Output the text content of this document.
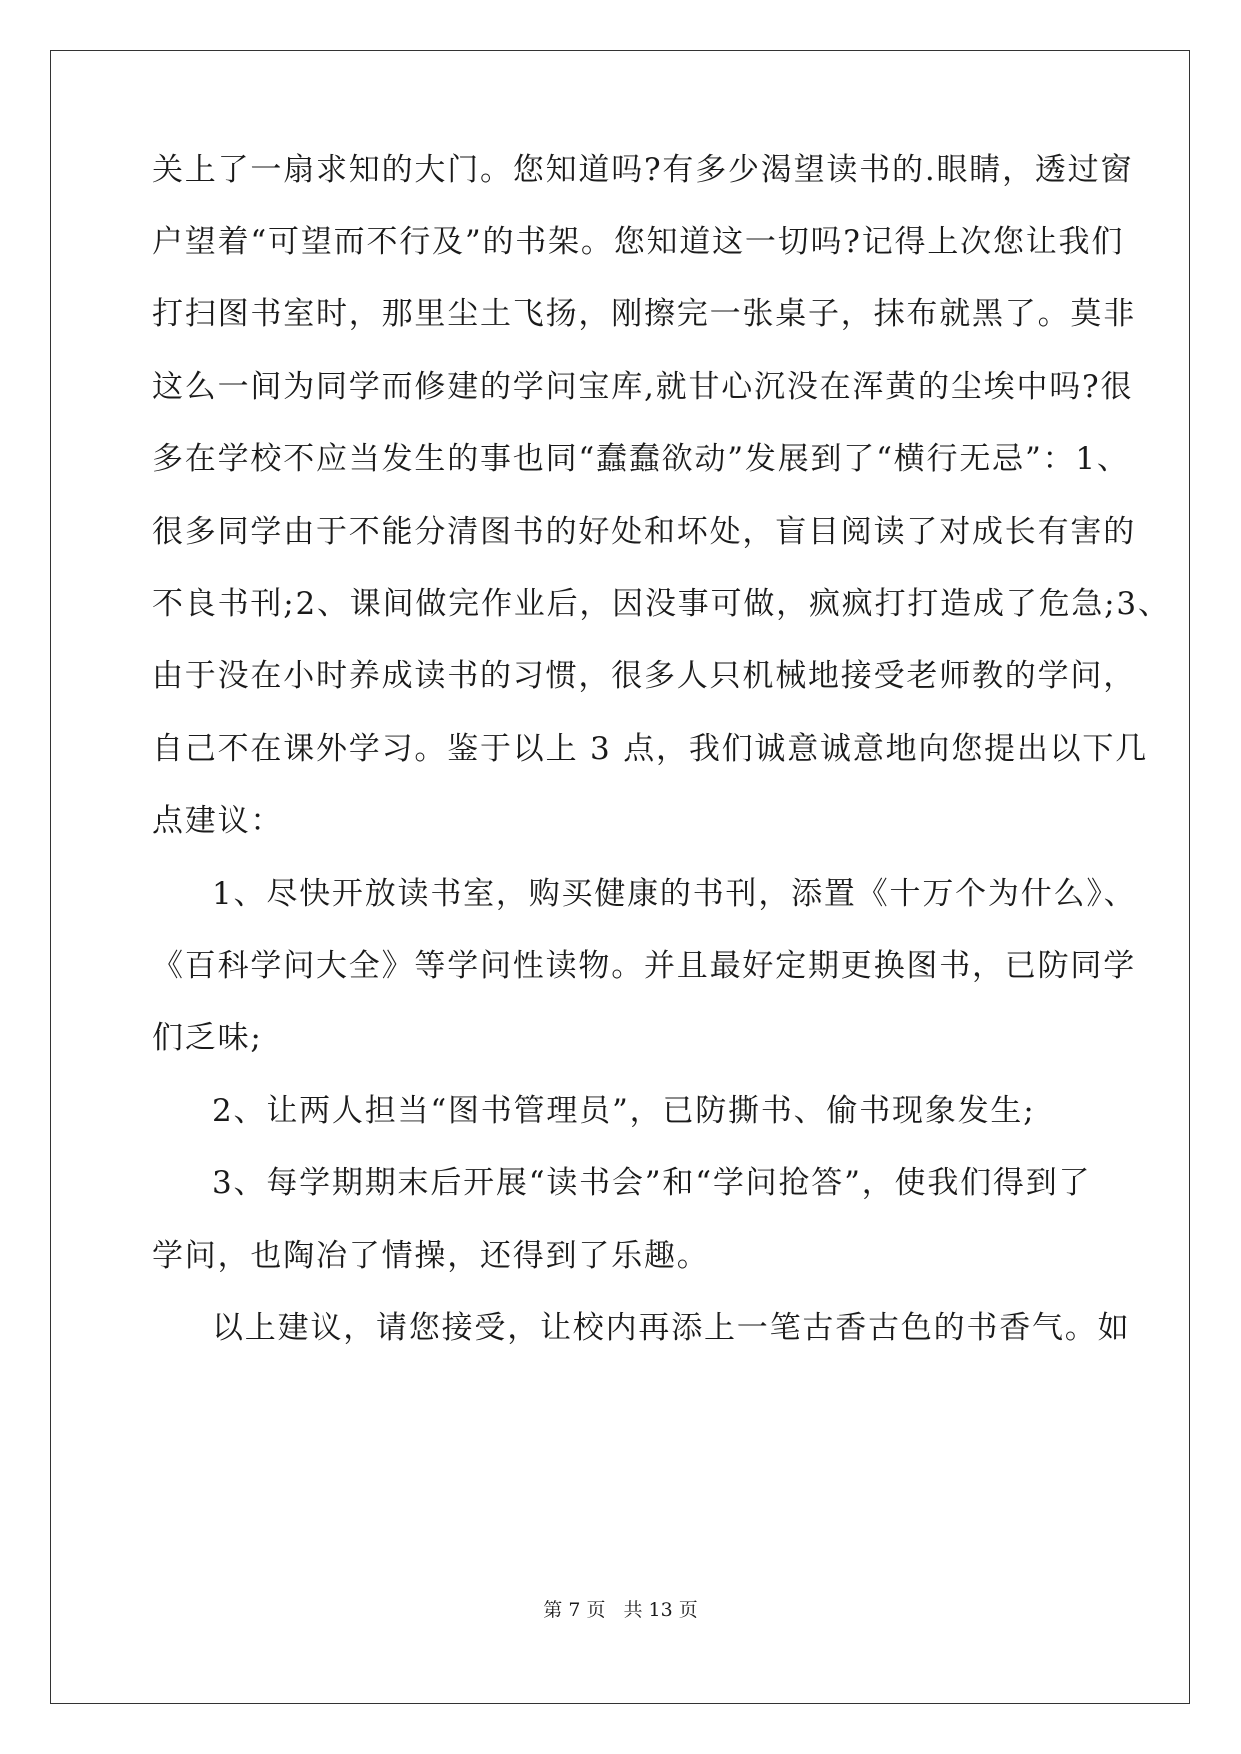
关上了一扇求知的大门。您知道吗?有多少渴望读书的.眼睛，透过窗
户望着“可望而不行及”的书架。您知道这一切吗?记得上次您让我们
打扫图书室时，那里尘土飞扬，刚擦完一张桌子，抹布就黑了。莫非
这么一间为同学而修建的学问宝库,就甘心沉没在浑黄的尘埃中吗?很
多在学校不应当发生的事也同“蠢蠢欲动”发展到了“横行无忌”：1、
很多同学由于不能分清图书的好处和坏处，盲目阅读了对成长有害的
不良书刊;2、课间做完作业后，因没事可做，疯疯打打造成了危急;3、
由于没在小时养成读书的习惯，很多人只机械地接受老师教的学问，
自己不在课外学习。鉴于以上 3 点，我们诚意诚意地向您提出以下几
点建议：
1、尽快开放读书室，购买健康的书刊，添置《十万个为什么》、
《百科学问大全》等学问性读物。并且最好定期更换图书，已防同学
们乏味;
2、让两人担当“图书管理员”，已防撕书、偷书现象发生;
3、每学期期末后开展“读书会”和“学问抢答”，使我们得到了
学问，也陶冶了情操，还得到了乐趣。
以上建议，请您接受，让校内再添上一笔古香古色的书香气。如
第 7 页 共 13 页
